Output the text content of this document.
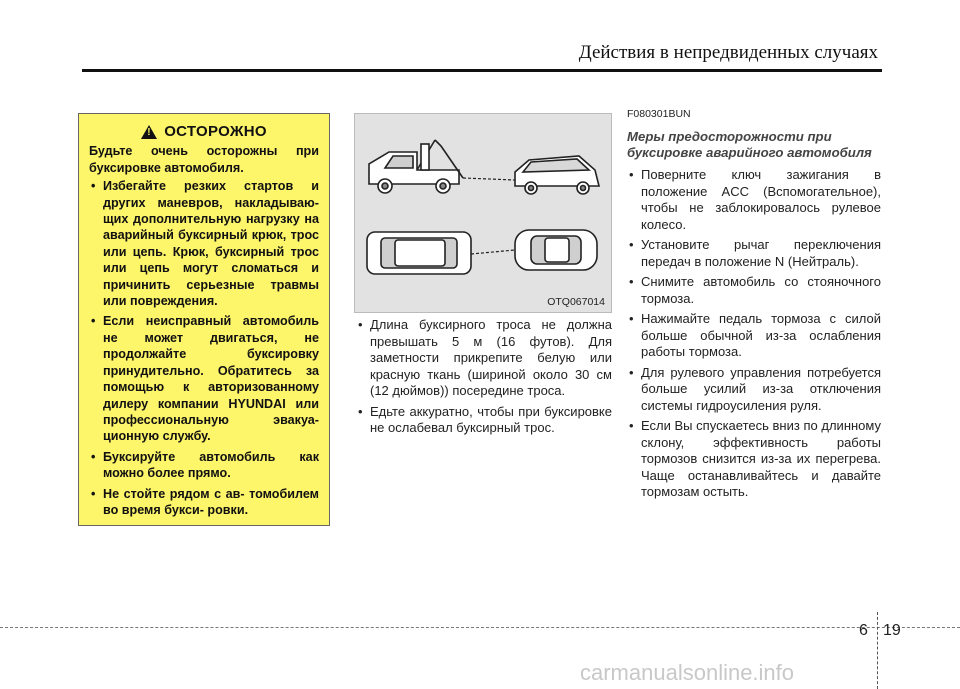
Действия в непредвиденных случаях
! ОСТОРОЖНО
Будьте очень осторожны при буксировке автомобиля.
• Избегайте резких стартов и других маневров, накладываю- щих дополнительную нагрузку на аварийный буксирный крюк, трос или цепь. Крюк, буксирный трос или цепь могут сломаться и причинить серьезные травмы или повреждения.
• Если неисправный автомобиль не может двигаться, не продолжайте буксировку принудительно. Обратитесь за помощью к авторизованному дилеру компании HYUNDAI или профессиональную эвакуа- ционную службу.
• Буксируйте автомобиль как можно более прямо.
• Не стойте рядом с ав- томобилем во время букси- ровки.
OTQ067014
• Длина буксирного троса не должна превышать 5 м (16 футов). Для заметности прикрепите белую или красную ткань (шириной около 30 см (12 дюймов)) посередине троса.
• Едьте аккуратно, чтобы при буксировке не ослабевал буксирный трос.
F080301BUN
Меры предосторожности при буксировке аварийного автомобиля
• Поверните ключ зажигания в положение ACC (Вспомогательное), чтобы не заблокировалось рулевое колесо.
• Установите рычаг переключения передач в положение N (Нейтраль).
• Снимите автомобиль со стояночного тормоза.
• Нажимайте педаль тормоза с силой больше обычной из-за ослабления работы тормоза.
• Для рулевого управления потребуется больше усилий из-за отключения системы гидроусиления руля.
• Если Вы спускаетесь вниз по длинному склону, эффективность работы тормозов снизится из-за их перегрева. Чаще останавливайтесь и давайте тормозам остыть.
6 19
carmanualsonline.info
